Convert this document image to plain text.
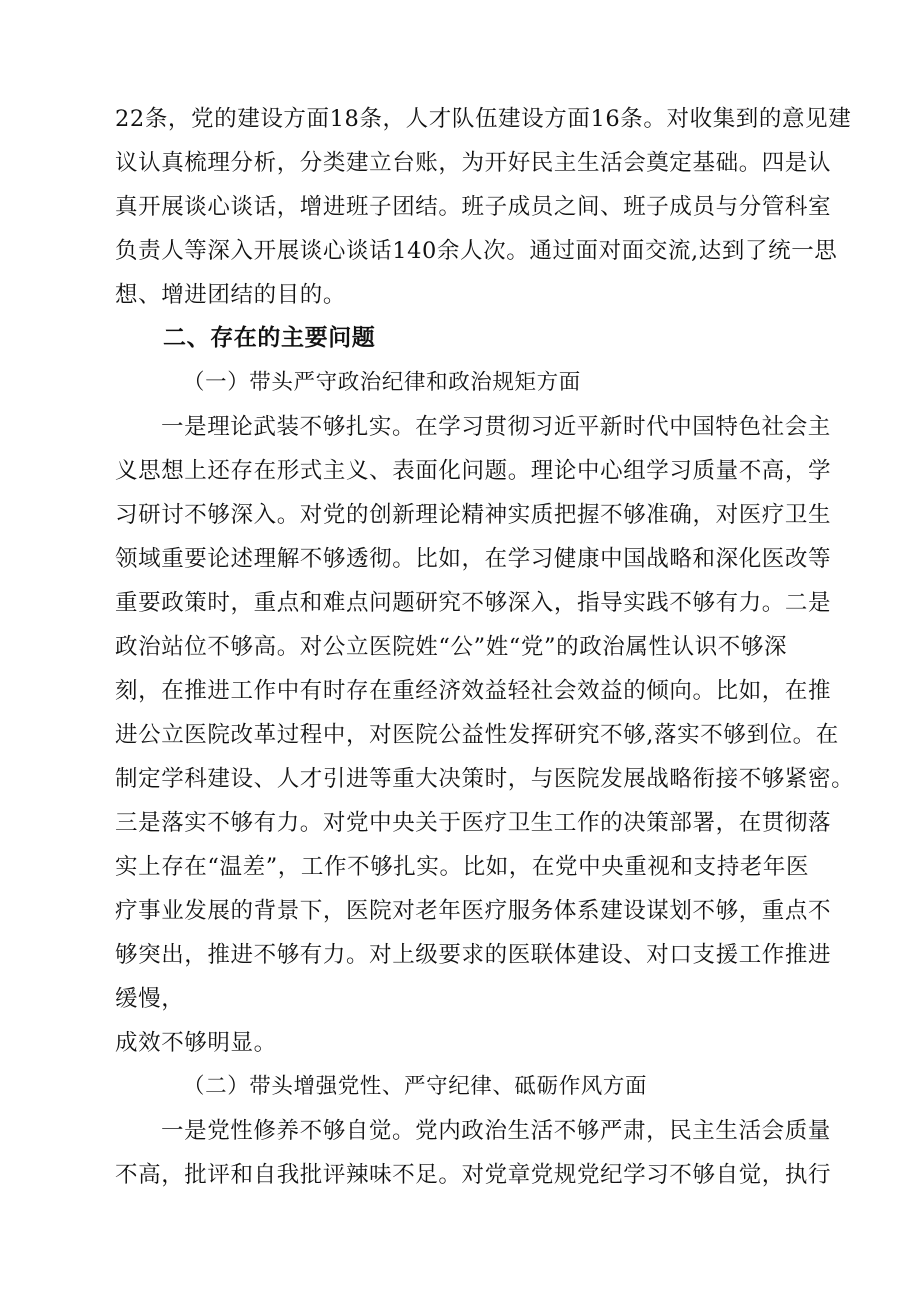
22条，党的建设方面18条，人才队伍建设方面16条。对收集到的意见建
议认真梳理分析，分类建立台账，为开好民主生活会奠定基础。四是认
真开展谈心谈话，增进班子团结。班子成员之间、班子成员与分管科室
负责人等深入开展谈心谈话140余人次。通过面对面交流,达到了统一思
想、增进团结的目的。
二、存在的主要问题
（一）带头严守政治纪律和政治规矩方面
一是理论武装不够扎实。在学习贯彻习近平新时代中国特色社会主
义思想上还存在形式主义、表面化问题。理论中心组学习质量不高，学
习研讨不够深入。对党的创新理论精神实质把握不够准确，对医疗卫生
领域重要论述理解不够透彻。比如，在学习健康中国战略和深化医改等
重要政策时，重点和难点问题研究不够深入，指导实践不够有力。二是
政治站位不够高。对公立医院姓“公”姓“党”的政治属性认识不够深
刻，在推进工作中有时存在重经济效益轻社会效益的倾向。比如，在推
进公立医院改革过程中，对医院公益性发挥研究不够,落实不够到位。在
制定学科建设、人才引进等重大决策时，与医院发展战略衔接不够紧密。
三是落实不够有力。对党中央关于医疗卫生工作的决策部署，在贯彻落
实上存在“温差”，工作不够扎实。比如，在党中央重视和支持老年医
疗事业发展的背景下，医院对老年医疗服务体系建设谋划不够，重点不
够突出，推进不够有力。对上级要求的医联体建设、对口支援工作推进
缓慢，
成效不够明显。
（二）带头增强党性、严守纪律、砥砺作风方面
一是党性修养不够自觉。党内政治生活不够严肃，民主生活会质量
不高，批评和自我批评辣味不足。对党章党规党纪学习不够自觉，执行
